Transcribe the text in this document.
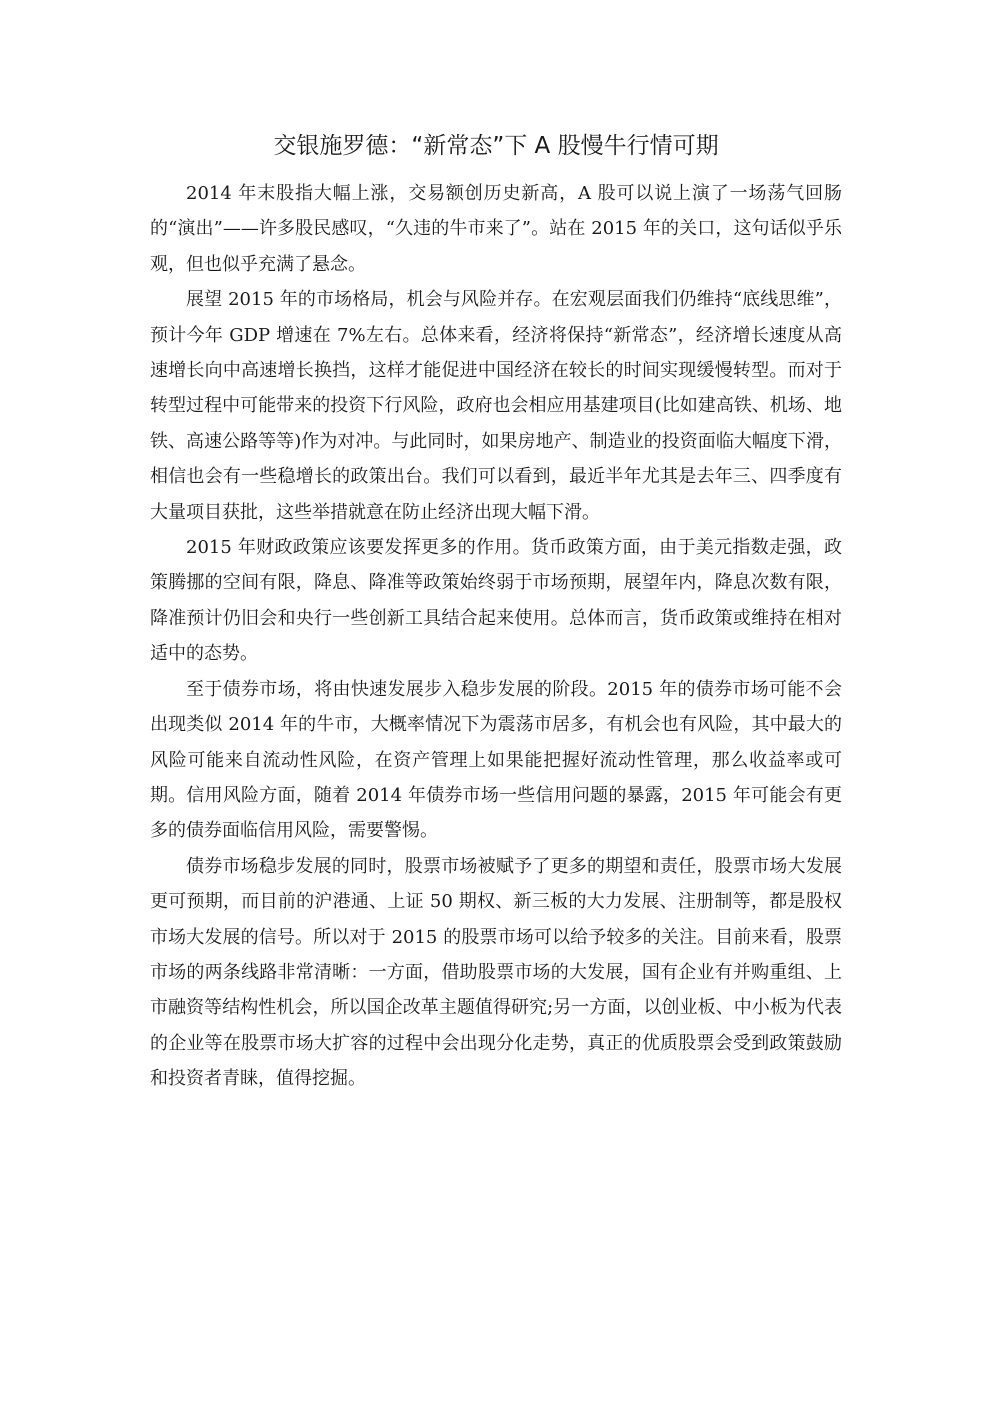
交银施罗德：“新常态”下 A 股慢牛行情可期

2014 年末股指大幅上涨，交易额创历史新高，A 股可以说上演了一场荡气回肠的“演出”——许多股民感叹，“久违的牛市来了”。站在 2015 年的关口，这句话似乎乐观，但也似乎充满了悬念。

展望 2015 年的市场格局，机会与风险并存。在宏观层面我们仍维持“底线思维”，预计今年 GDP 增速在 7%左右。总体来看，经济将保持“新常态”，经济增长速度从高速增长向中高速增长换挡，这样才能促进中国经济在较长的时间实现缓慢转型。而对于转型过程中可能带来的投资下行风险，政府也会相应用基建项目(比如建高铁、机场、地铁、高速公路等等)作为对冲。与此同时，如果房地产、制造业的投资面临大幅度下滑，相信也会有一些稳增长的政策出台。我们可以看到，最近半年尤其是去年三、四季度有大量项目获批，这些举措就意在防止经济出现大幅下滑。

2015 年财政政策应该要发挥更多的作用。货币政策方面，由于美元指数走强，政策腾挪的空间有限，降息、降准等政策始终弱于市场预期，展望年内，降息次数有限，降准预计仍旧会和央行一些创新工具结合起来使用。总体而言，货币政策或维持在相对适中的态势。

至于债券市场，将由快速发展步入稳步发展的阶段。2015 年的债券市场可能不会出现类似 2014 年的牛市，大概率情况下为震荡市居多，有机会也有风险，其中最大的风险可能来自流动性风险，在资产管理上如果能把握好流动性管理，那么收益率或可期。信用风险方面，随着 2014 年债券市场一些信用问题的暴露，2015 年可能会有更多的债券面临信用风险，需要警惕。

债券市场稳步发展的同时，股票市场被赋予了更多的期望和责任，股票市场大发展更可预期，而目前的沪港通、上证 50 期权、新三板的大力发展、注册制等，都是股权市场大发展的信号。所以对于 2015 的股票市场可以给予较多的关注。目前来看，股票市场的两条线路非常清晰：一方面，借助股票市场的大发展，国有企业有并购重组、上市融资等结构性机会，所以国企改革主题值得研究;另一方面，以创业板、中小板为代表的企业等在股票市场大扩容的过程中会出现分化走势，真正的优质股票会受到政策鼓励和投资者青睐，值得挖掘。
